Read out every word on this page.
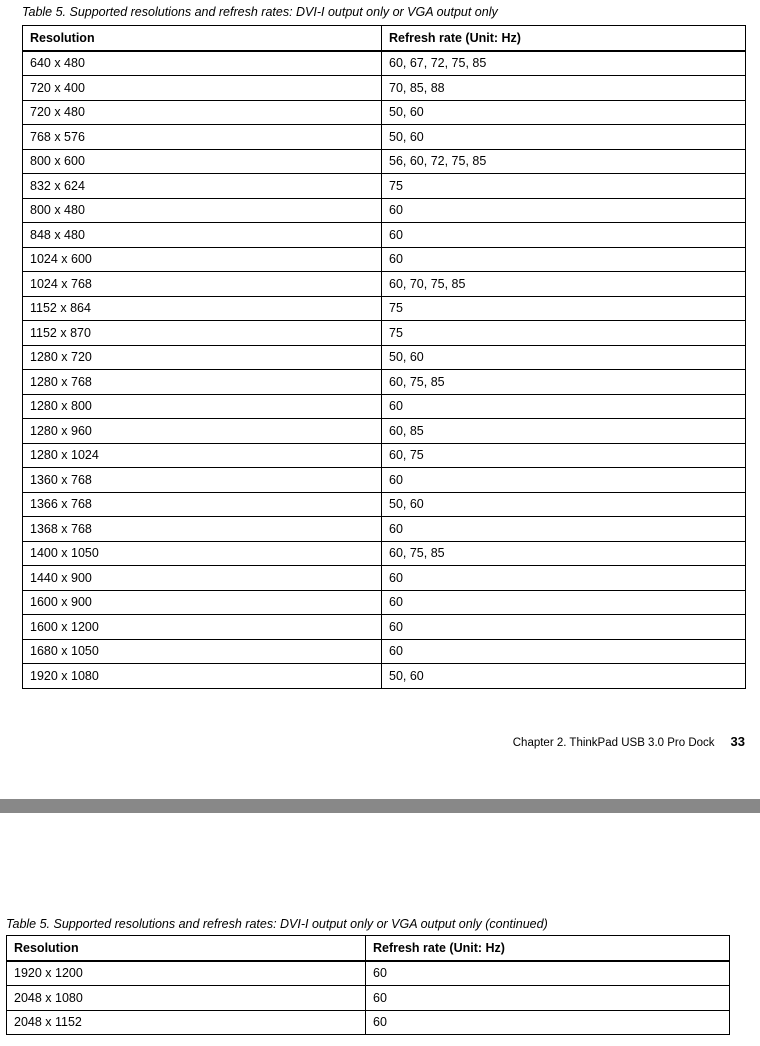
Table 5. Supported resolutions and refresh rates: DVI-I output only or VGA output only
Resolution	Refresh rate (Unit: Hz)
640 x 480	60, 67, 72, 75, 85
720 x 400	70, 85, 88
720 x 480	50, 60
768 x 576	50, 60
800 x 600	56, 60, 72, 75, 85
832 x 624	75
800 x 480	60
848 x 480	60
1024 x 600	60
1024 x 768	60, 70, 75, 85
1152 x 864	75
1152 x 870	75
1280 x 720	50, 60
1280 x 768	60, 75, 85
1280 x 800	60
1280 x 960	60, 85
1280 x 1024	60, 75
1360 x 768	60
1366 x 768	50, 60
1368 x 768	60
1400 x 1050	60, 75, 85
1440 x 900	60
1600 x 900	60
1600 x 1200	60
1680 x 1050	60
1920 x 1080	50, 60
Chapter 2. ThinkPad USB 3.0 Pro Dock 33
Table 5. Supported resolutions and refresh rates: DVI-I output only or VGA output only (continued)
Resolution	Refresh rate (Unit: Hz)
1920 x 1200	60
2048 x 1080	60
2048 x 1152	60
